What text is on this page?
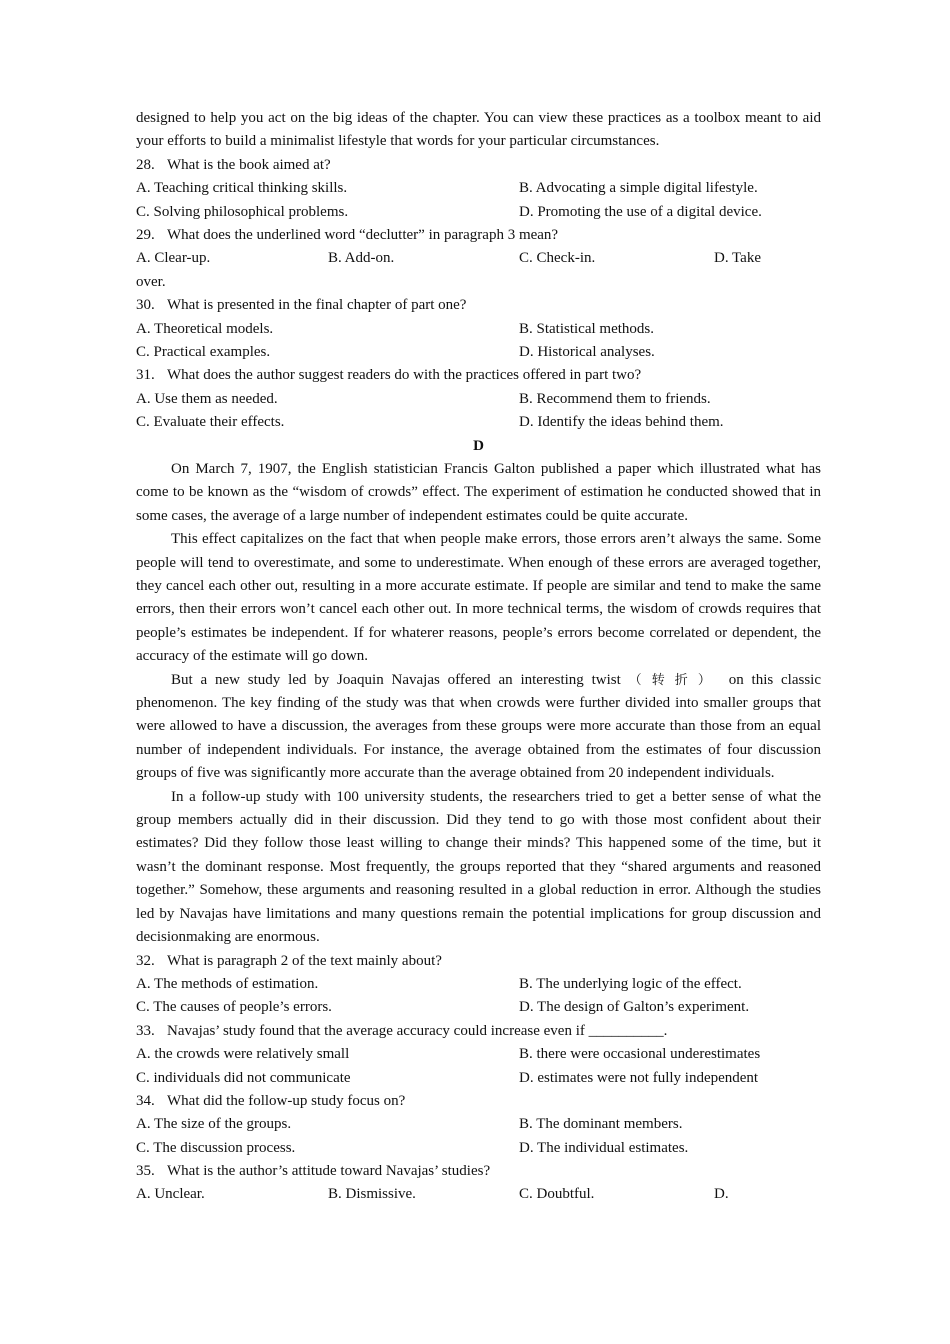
designed to help you act on the big ideas of the chapter. You can view these practices as a toolbox meant to aid your efforts to build a minimalist lifestyle that words for your particular circumstances.
28. What is the book aimed at?
A. Teaching critical thinking skills.	B. Advocating a simple digital lifestyle.
C. Solving philosophical problems.	D. Promoting the use of a digital device.
29. What does the underlined word “declutter” in paragraph 3 mean?
A. Clear-up.	B. Add-on.	C. Check-in.	D. Take
over.
30. What is presented in the final chapter of part one?
A. Theoretical models.	B. Statistical methods.
C. Practical examples.	D. Historical analyses.
31. What does the author suggest readers do with the practices offered in part two?
A. Use them as needed.	B. Recommend them to friends.
C. Evaluate their effects.	D. Identify the ideas behind them.
D
On March 7, 1907, the English statistician Francis Galton published a paper which illustrated what has come to be known as the “wisdom of crowds” effect. The experiment of estimation he conducted showed that in some cases, the average of a large number of independent estimates could be quite accurate.
This effect capitalizes on the fact that when people make errors, those errors aren’t always the same. Some people will tend to overestimate, and some to underestimate. When enough of these errors are averaged together, they cancel each other out, resulting in a more accurate estimate. If people are similar and tend to make the same errors, then their errors won’t cancel each other out. In more technical terms, the wisdom of crowds requires that people’s estimates be independent. If for whaterer reasons, people’s errors become correlated or dependent, the accuracy of the estimate will go down.
But a new study led by Joaquin Navajas offered an interesting twist （转折） on this classic phenomenon. The key finding of the study was that when crowds were further divided into smaller groups that were allowed to have a discussion, the averages from these groups were more accurate than those from an equal number of independent individuals. For instance, the average obtained from the estimates of four discussion groups of five was significantly more accurate than the average obtained from 20 independent individuals.
In a follow-up study with 100 university students, the researchers tried to get a better sense of what the group members actually did in their discussion. Did they tend to go with those most confident about their estimates? Did they follow those least willing to change their minds? This happened some of the time, but it wasn’t the dominant response. Most frequently, the groups reported that they “shared arguments and reasoned together.” Somehow, these arguments and reasoning resulted in a global reduction in error. Although the studies led by Navajas have limitations and many questions remain the potential implications for group discussion and decisionmaking are enormous.
32. What is paragraph 2 of the text mainly about?
A. The methods of estimation.	B. The underlying logic of the effect.
C. The causes of people’s errors.	D. The design of Galton’s experiment.
33. Navajas’ study found that the average accuracy could increase even if __________.
A. the crowds were relatively small	B. there were occasional underestimates
C. individuals did not communicate	D. estimates were not fully independent
34. What did the follow-up study focus on?
A. The size of the groups.	B. The dominant members.
C. The discussion process.	D. The individual estimates.
35. What is the author’s attitude toward Navajas’ studies?
A. Unclear.	B. Dismissive.	C. Doubtful.	D.
